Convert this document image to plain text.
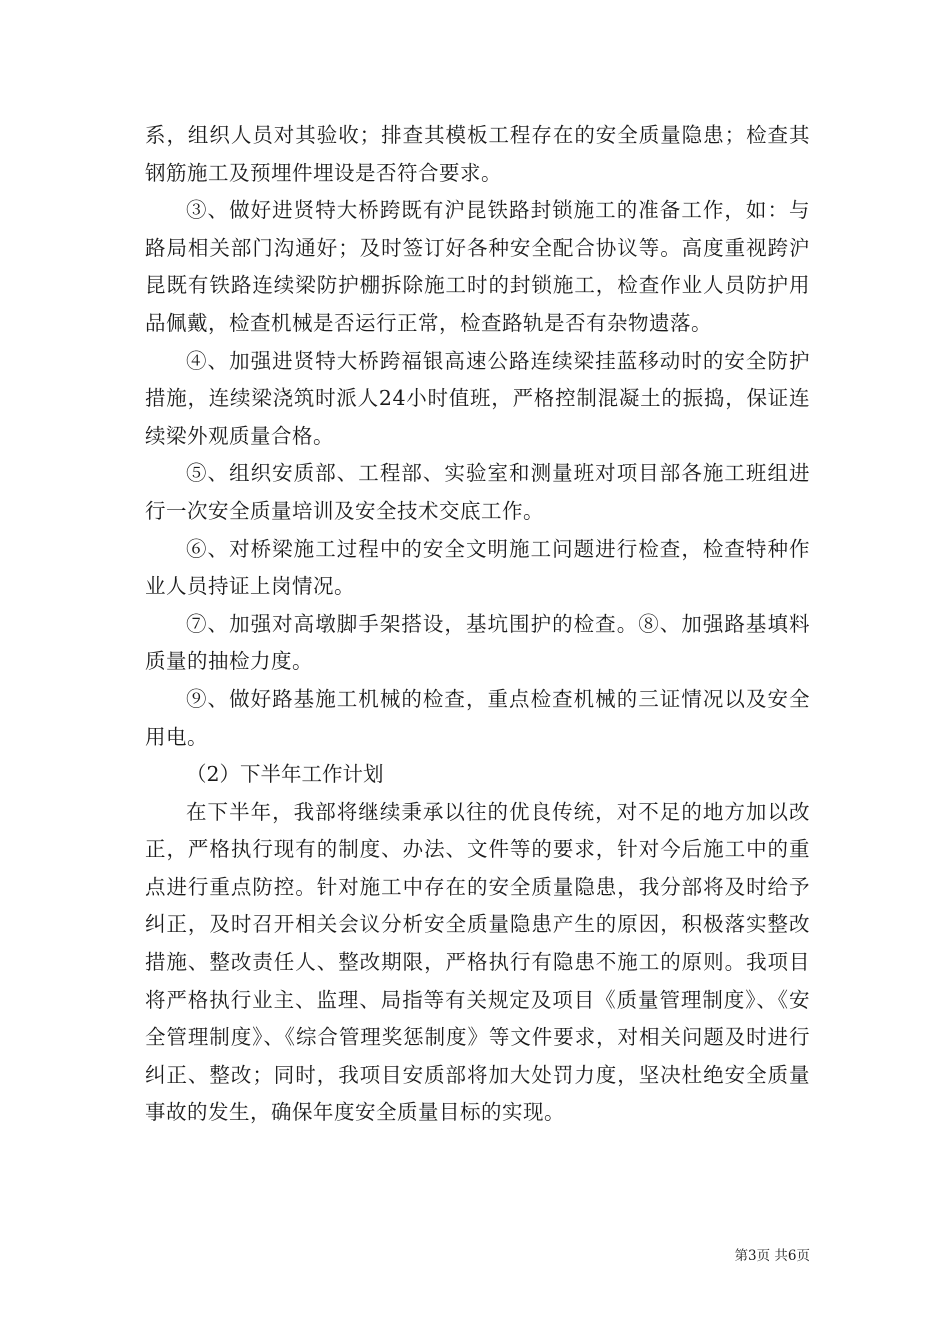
系，组织人员对其验收；排查其模板工程存在的安全质量隐患；检查其钢筋施工及预埋件埋设是否符合要求。

③、做好进贤特大桥跨既有沪昆铁路封锁施工的准备工作，如：与路局相关部门沟通好；及时签订好各种安全配合协议等。高度重视跨沪昆既有铁路连续梁防护棚拆除施工时的封锁施工，检查作业人员防护用品佩戴，检查机械是否运行正常，检查路轨是否有杂物遗落。

④、加强进贤特大桥跨福银高速公路连续梁挂蓝移动时的安全防护措施，连续梁浇筑时派人24小时值班，严格控制混凝土的振捣，保证连续梁外观质量合格。

⑤、组织安质部、工程部、实验室和测量班对项目部各施工班组进行一次安全质量培训及安全技术交底工作。

⑥、对桥梁施工过程中的安全文明施工问题进行检查，检查特种作业人员持证上岗情况。

⑦、加强对高墩脚手架搭设，基坑围护的检查。⑧、加强路基填料质量的抽检力度。

⑨、做好路基施工机械的检查，重点检查机械的三证情况以及安全用电。

（2）下半年工作计划

在下半年，我部将继续秉承以往的优良传统，对不足的地方加以改正，严格执行现有的制度、办法、文件等的要求，针对今后施工中的重点进行重点防控。针对施工中存在的安全质量隐患，我分部将及时给予纠正，及时召开相关会议分析安全质量隐患产生的原因，积极落实整改措施、整改责任人、整改期限，严格执行有隐患不施工的原则。我项目将严格执行业主、监理、局指等有关规定及项目《质量管理制度》、《安全管理制度》、《综合管理奖惩制度》等文件要求，对相关问题及时进行纠正、整改；同时，我项目安质部将加大处罚力度，坚决杜绝安全质量事故的发生，确保年度安全质量目标的实现。

第3页 共6页
